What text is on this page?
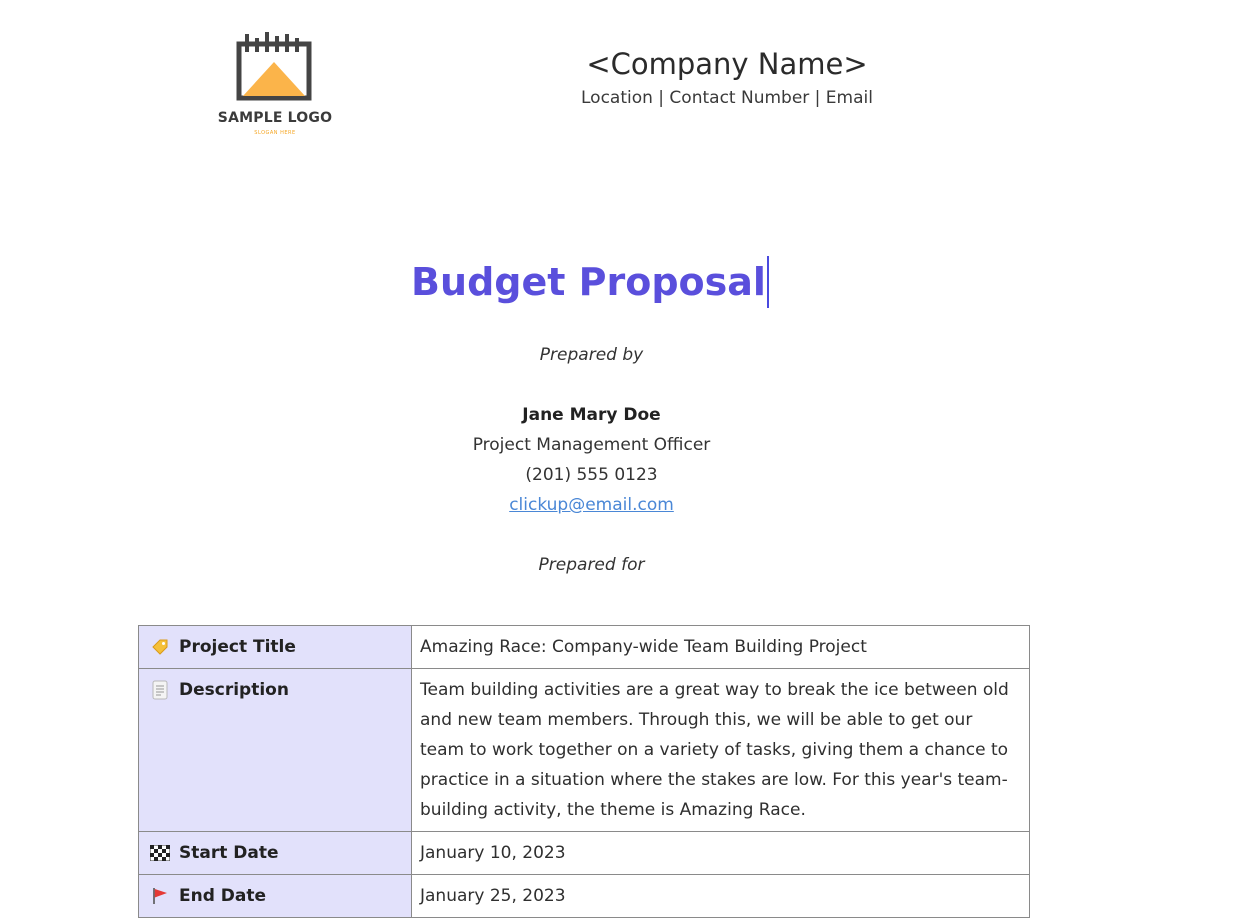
SAMPLE LOGO
SLOGAN HERE
<Company Name>
Location | Contact Number | Email
Budget Proposal
Prepared by
Jane Mary Doe
Project Management Officer
(201) 555 0123
clickup@email.com
Prepared for
Project Title	Amazing Race: Company-wide Team Building Project

Description	Team building activities are a great way to break the ice between old and new team members. Through this, we will be able to get our team to work together on a variety of tasks, giving them a chance to practice in a situation where the stakes are low. For this year's team-building activity, the theme is Amazing Race.

Start Date	January 10, 2023

End Date	January 25, 2023
